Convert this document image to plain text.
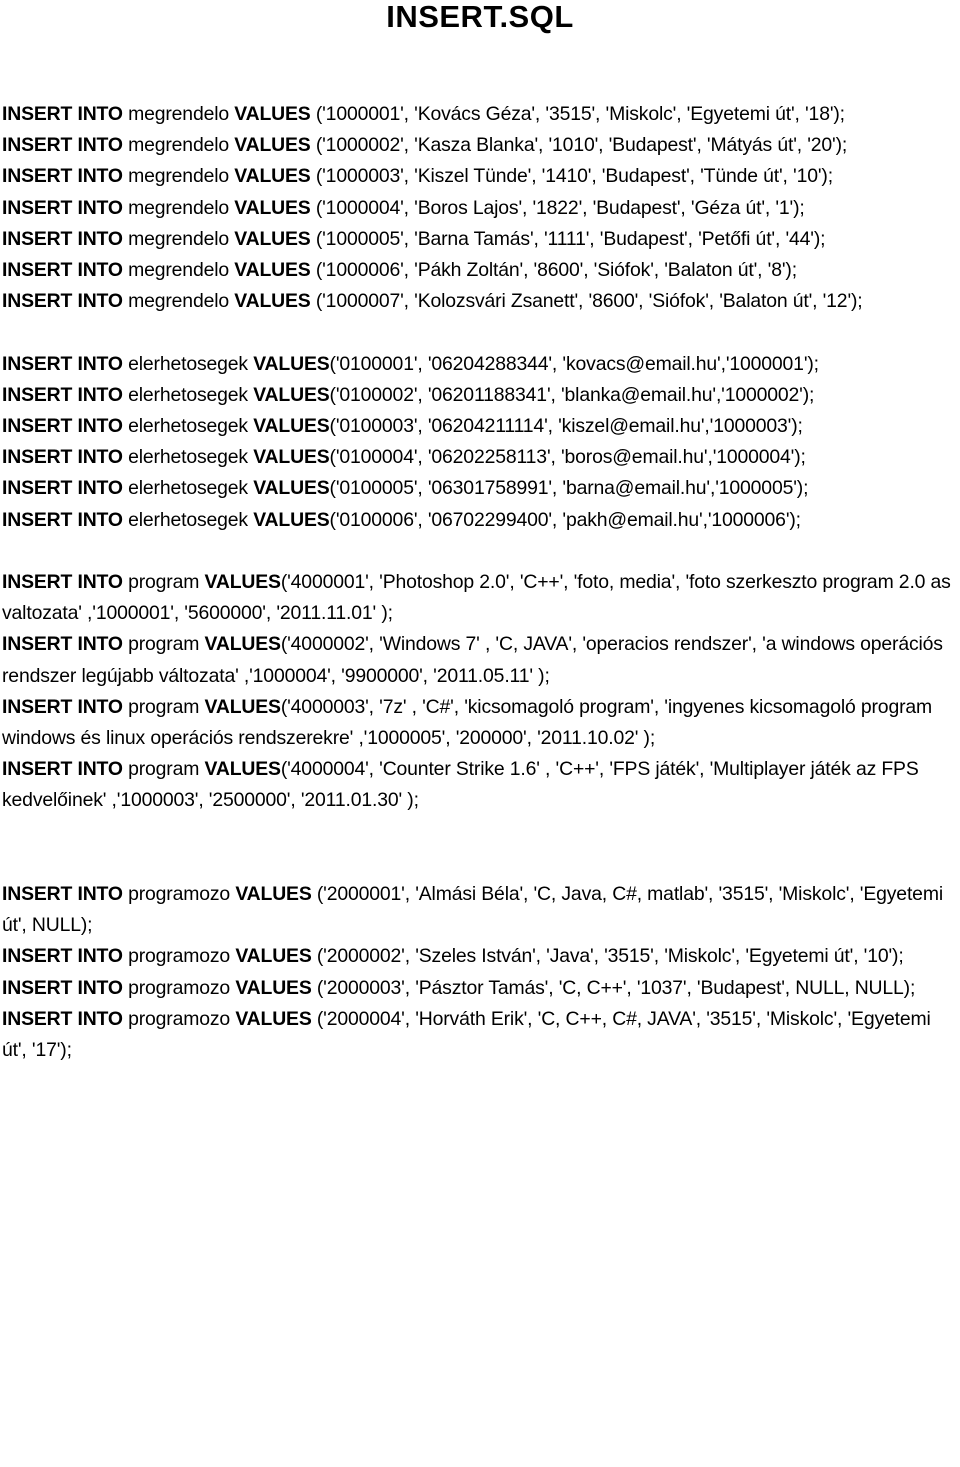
INSERT.SQL

INSERT INTO megrendelo VALUES ('1000001', 'Kovács Géza', '3515', 'Miskolc', 'Egyetemi út', '18');

INSERT INTO megrendelo VALUES ('1000002', 'Kasza Blanka', '1010', 'Budapest', 'Mátyás út', '20');

INSERT INTO megrendelo VALUES ('1000003', 'Kiszel Tünde', '1410', 'Budapest', 'Tünde út', '10');

INSERT INTO megrendelo VALUES ('1000004', 'Boros Lajos', '1822', 'Budapest', 'Géza út', '1');

INSERT INTO megrendelo VALUES ('1000005', 'Barna Tamás', '1111', 'Budapest', 'Petőfi út', '44');

INSERT INTO megrendelo VALUES ('1000006', 'Pákh Zoltán', '8600', 'Siófok', 'Balaton út', '8');

INSERT INTO megrendelo VALUES ('1000007', 'Kolozsvári Zsanett', '8600', 'Siófok', 'Balaton út', '12');

INSERT INTO elerhetosegek VALUES('0100001', '06204288344', 'kovacs@email.hu','1000001');

INSERT INTO elerhetosegek VALUES('0100002', '06201188341', 'blanka@email.hu','1000002');

INSERT INTO elerhetosegek VALUES('0100003', '06204211114', 'kiszel@email.hu','1000003');

INSERT INTO elerhetosegek VALUES('0100004', '06202258113', 'boros@email.hu','1000004');

INSERT INTO elerhetosegek VALUES('0100005', '06301758991', 'barna@email.hu','1000005');

INSERT INTO elerhetosegek VALUES('0100006', '06702299400', 'pakh@email.hu','1000006');

INSERT INTO program VALUES('4000001', 'Photoshop 2.0', 'C++', 'foto, media', 'foto szerkeszto program 2.0 as valtozata' ,'1000001', '5600000', '2011.11.01' );

INSERT INTO program VALUES('4000002', 'Windows 7' , 'C, JAVA', 'operacios rendszer', 'a windows operációs rendszer legújabb változata' ,'1000004', '9900000', '2011.05.11' );

INSERT INTO program VALUES('4000003', '7z' , 'C#', 'kicsomagoló program', 'ingyenes kicsomagoló program windows és linux operációs rendszerekre' ,'1000005', '200000', '2011.10.02' );

INSERT INTO program VALUES('4000004', 'Counter Strike 1.6' , 'C++', 'FPS játék', 'Multiplayer játék az FPS kedvelőinek' ,'1000003', '2500000', '2011.01.30' );

INSERT INTO programozo VALUES ('2000001', 'Almási Béla', 'C, Java, C#, matlab', '3515', 'Miskolc', 'Egyetemi út', NULL);

INSERT INTO programozo VALUES ('2000002', 'Szeles István', 'Java', '3515', 'Miskolc', 'Egyetemi út', '10');

INSERT INTO programozo VALUES ('2000003', 'Pásztor Tamás', 'C, C++', '1037', 'Budapest', NULL, NULL);

INSERT INTO programozo VALUES ('2000004', 'Horváth Erik', 'C, C++, C#, JAVA', '3515', 'Miskolc', 'Egyetemi út', '17');
